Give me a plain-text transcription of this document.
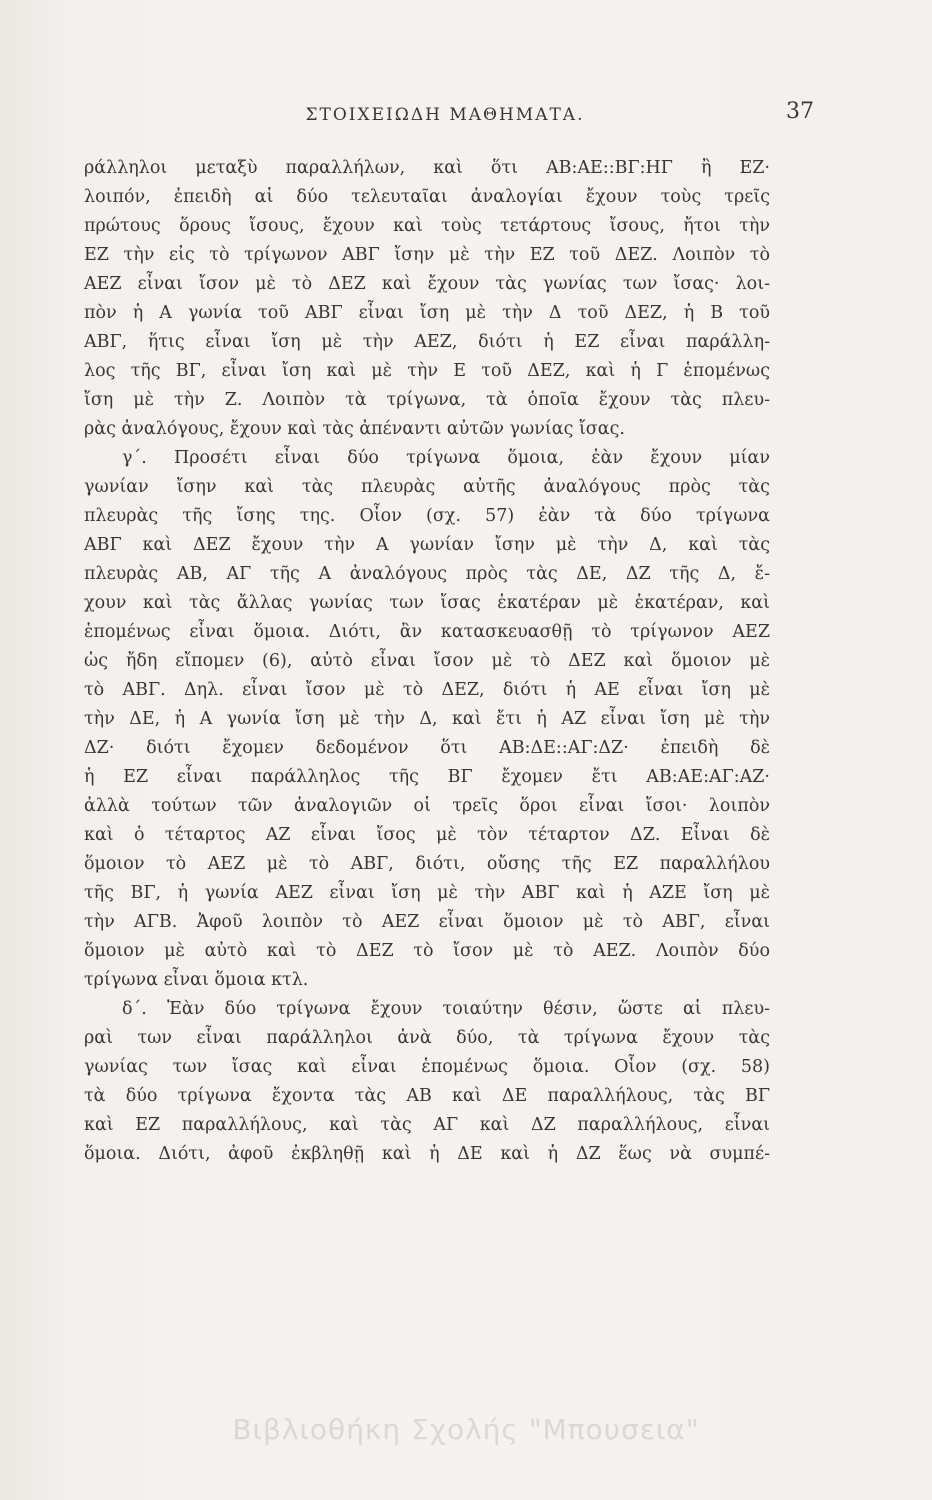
ΣΤΟΙΧΕΙΩΔΗ ΜΑΘΗΜΑΤΑ.	37
ράλληλοι μεταξὺ παραλλήλων, καὶ ὅτι ΑΒ:ΑΕ::ΒΓ:ΗΓ ἢ ΕΖ·
λοιπόν, ἐπειδὴ αἱ δύο τελευταῖαι ἀναλογίαι ἔχουν τοὺς τρεῖς
πρώτους ὅρους ἴσους, ἔχουν καὶ τοὺς τετάρτους ἴσους, ἤτοι τὴν
ΕΖ τὴν εἰς τὸ τρίγωνον ΑΒΓ ἴσην μὲ τὴν ΕΖ τοῦ ΔΕΖ. Λοιπὸν τὸ
ΑΕΖ εἶναι ἴσον μὲ τὸ ΔΕΖ καὶ ἔχουν τὰς γωνίας των ἴσας· λοι-
πὸν ἡ Α γωνία τοῦ ΑΒΓ εἶναι ἴση μὲ τὴν Δ τοῦ ΔΕΖ, ἡ Β τοῦ
ΑΒΓ, ἥτις εἶναι ἴση μὲ τὴν ΑΕΖ, διότι ἡ ΕΖ εἶναι παράλλη-
λος τῆς ΒΓ, εἶναι ἴση καὶ μὲ τὴν Ε τοῦ ΔΕΖ, καὶ ἡ Γ ἑπομένως
ἴση μὲ τὴν Ζ. Λοιπὸν τὰ τρίγωνα, τὰ ὁποῖα ἔχουν τὰς πλευ-
ρὰς ἀναλόγους, ἔχουν καὶ τὰς ἀπέναντι αὐτῶν γωνίας ἴσας.
γ΄. Προσέτι εἶναι δύο τρίγωνα ὅμοια, ἐὰν ἔχουν μίαν
γωνίαν ἴσην καὶ τὰς πλευρὰς αὐτῆς ἀναλόγους πρὸς τὰς
πλευρὰς τῆς ἴσης της. Οἷον (σχ. 57) ἐὰν τὰ δύο τρίγωνα
ΑΒΓ καὶ ΔΕΖ ἔχουν τὴν Α γωνίαν ἴσην μὲ τὴν Δ, καὶ τὰς
πλευρὰς ΑΒ, ΑΓ τῆς Α ἀναλόγους πρὸς τὰς ΔΕ, ΔΖ τῆς Δ, ἔ-
χουν καὶ τὰς ἄλλας γωνίας των ἴσας ἑκατέραν μὲ ἑκατέραν, καὶ
ἑπομένως εἶναι ὅμοια. Διότι, ἂν κατασκευασθῇ τὸ τρίγωνον ΑΕΖ
ὡς ἤδη εἴπομεν (6), αὐτὸ εἶναι ἴσον μὲ τὸ ΔΕΖ καὶ ὅμοιον μὲ
τὸ ΑΒΓ. Δηλ. εἶναι ἴσον μὲ τὸ ΔΕΖ, διότι ἡ ΑΕ εἶναι ἴση μὲ
τὴν ΔΕ, ἡ Α γωνία ἴση μὲ τὴν Δ, καὶ ἔτι ἡ ΑΖ εἶναι ἴση μὲ τὴν
ΔΖ· διότι ἔχομεν δεδομένον ὅτι ΑΒ:ΔΕ::ΑΓ:ΔΖ· ἐπειδὴ δὲ
ἡ ΕΖ εἶναι παράλληλος τῆς ΒΓ ἔχομεν ἔτι ΑΒ:ΑΕ:ΑΓ:ΑΖ·
ἀλλὰ τούτων τῶν ἀναλογιῶν οἱ τρεῖς ὅροι εἶναι ἴσοι· λοιπὸν
καὶ ὁ τέταρτος ΑΖ εἶναι ἴσος μὲ τὸν τέταρτον ΔΖ. Εἶναι δὲ
ὅμοιον τὸ ΑΕΖ μὲ τὸ ΑΒΓ, διότι, οὔσης τῆς ΕΖ παραλλήλου
τῆς ΒΓ, ἡ γωνία ΑΕΖ εἶναι ἴση μὲ τὴν ΑΒΓ καὶ ἡ ΑΖΕ ἴση μὲ
τὴν ΑΓΒ. Ἀφοῦ λοιπὸν τὸ ΑΕΖ εἶναι ὅμοιον μὲ τὸ ΑΒΓ, εἶναι
ὅμοιον μὲ αὐτὸ καὶ τὸ ΔΕΖ τὸ ἴσον μὲ τὸ ΑΕΖ. Λοιπὸν δύο
τρίγωνα εἶναι ὅμοια κτλ.
δ΄. Ἐὰν δύο τρίγωνα ἔχουν τοιαύτην θέσιν, ὥστε αἱ πλευ-
ραὶ των εἶναι παράλληλοι ἀνὰ δύο, τὰ τρίγωνα ἔχουν τὰς
γωνίας των ἴσας καὶ εἶναι ἑπομένως ὅμοια. Οἷον (σχ. 58)
τὰ δύο τρίγωνα ἔχοντα τὰς ΑΒ καὶ ΔΕ παραλλήλους, τὰς ΒΓ
καὶ ΕΖ παραλλήλους, καὶ τὰς ΑΓ καὶ ΔΖ παραλλήλους, εἶναι
ὅμοια. Διότι, ἀφοῦ ἐκβληθῇ καὶ ἡ ΔΕ καὶ ἡ ΔΖ ἕως νὰ συμπέ-
Βιβλιοθήκη Σχολής "Μπουσεια"
